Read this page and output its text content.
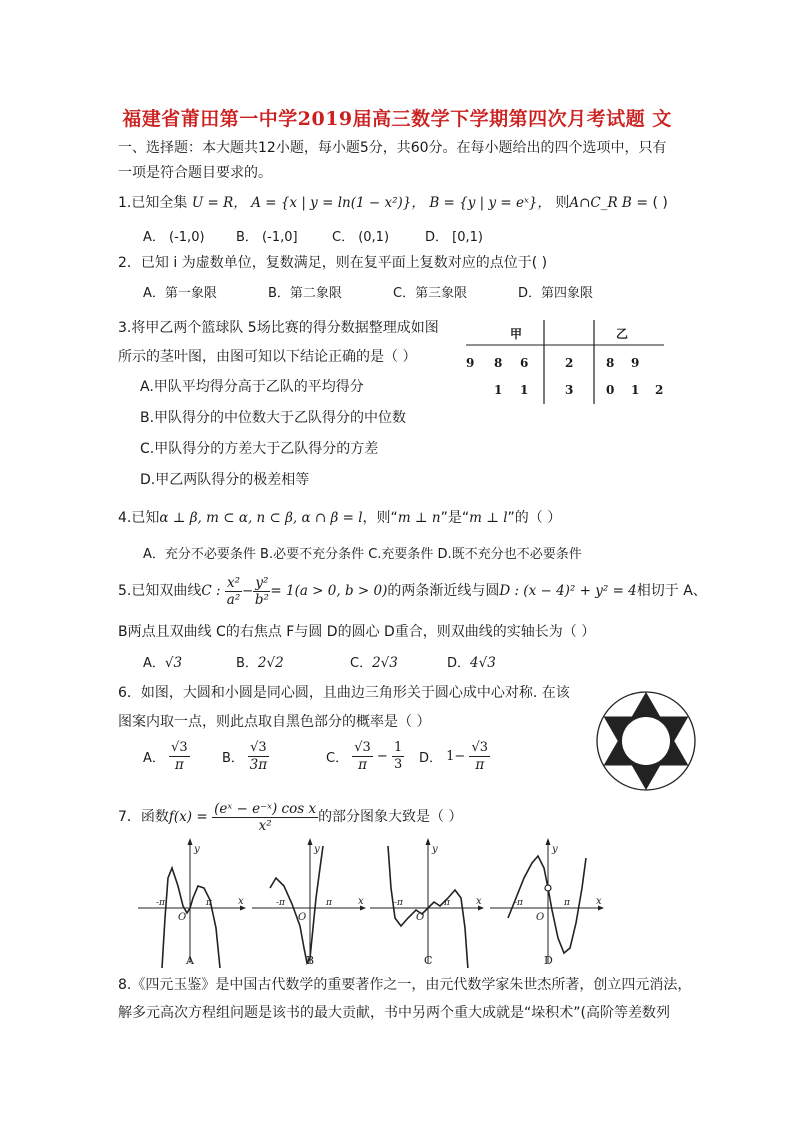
福建省莆田第一中学2019届高三数学下学期第四次月考试题 文
一、选择题：本大题共12小题，每小题5分，共60分。在每小题给出的四个选项中，只有
一项是符合题目要求的。
1.已知全集 U = R， A = {x | y = ln(1 − x²)}， B = {y | y = eˣ}， 则A∩C_R B = ( )
A． (-1,0) B． (-1,0]	C． (0,1)	D． [0,1)
2．已知 i 为虚数单位，复数满足，则在复平面上复数对应的点位于( )
A．第一象限	B．第二象限	C．第三象限	D．第四象限
3.将甲乙两个篮球队 5场比赛的得分数据整理成如图
所示的茎叶图，由图可知以下结论正确的是（ ）
A.甲队平均得分高于乙队的平均得分
B.甲队得分的中位数大于乙队得分的中位数
C.甲队得分的方差大于乙队得分的方差
D.甲乙两队得分的极差相等
甲	乙
9 8 6	2	8 9
1 1	3	0 1 2
4.已知α ⊥ β, m ⊂ α, n ⊂ β, α ∩ β = l，则“m ⊥ n”是“m ⊥ l”的（ ）
A．充分不必要条件 B.必要不充分条件 C.充要条件 D.既不充分也不必要条件
5.已知双曲线C : $\frac{\text{x²}}{\text{a²}} - \frac{\text{y²}}{\text{b²}} = 1(a > 0$, b > 0)的两条渐近线与圆D : (x − 4)² + y² = 4相切于 A、
B两点且双曲线 C的右焦点 F与圆 D的圆心 D重合，则双曲线的实轴长为（ ）
A．√3	B．2√2	C．2√3	D．4√3
6．如图，大圆和小圆是同心圆，且曲边三角形关于圆心成中心对称. 在该
图案内取一点，则此点取自黑色部分的概率是（ ）
A． $\frac{√3}{\pi}$ B． $\frac{√3}{3\pi}$	C． $\frac{√3}{\pi} - \frac{1}{3}$ D． $1- \frac{√3}{\pi}$
7．函数$f(x) = \frac{\text{(eˣ − e⁻ˣ) cos x}}{\text{x²}}$ 的部分图象大致是（ ）
y
x
O
-π	π
A
y
x
O
-π	π
B
y
x
O
-π	π
C
y
x
O
-π	π
D
8.《四元玉鉴》是中国古代数学的重要著作之一，由元代数学家朱世杰所著，创立四元消法，
解多元高次方程组问题是该书的最大贡献，书中另两个重大成就是“垛积术”(高阶等差数列
